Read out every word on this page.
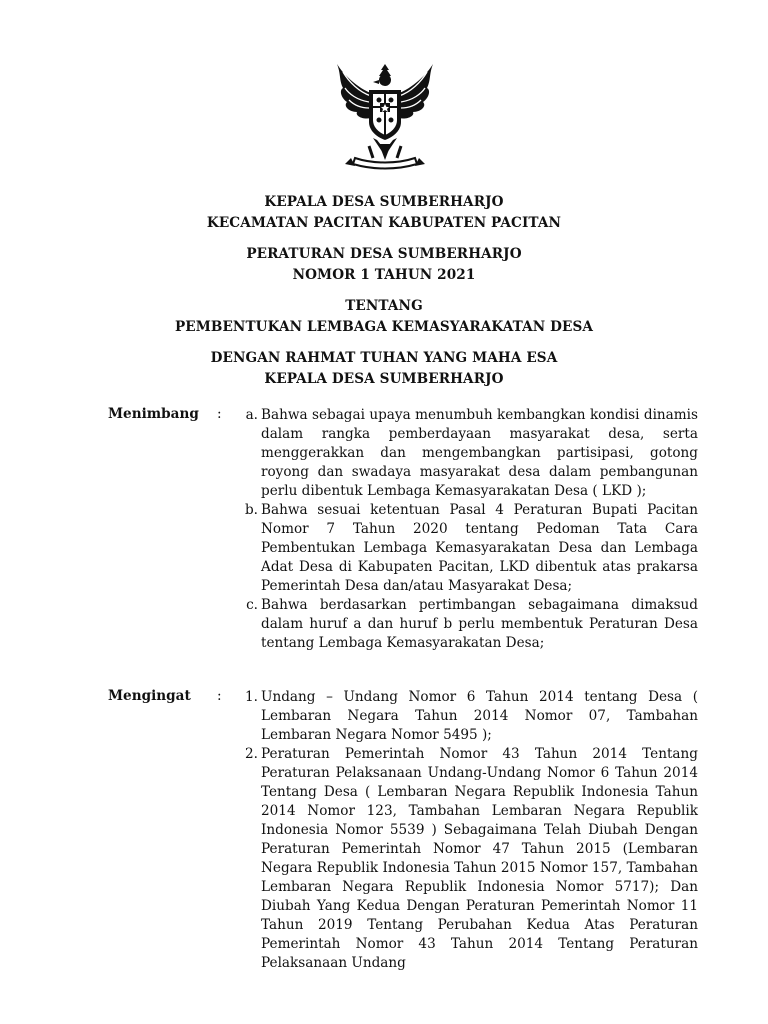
KEPALA DESA SUMBERHARJO
KECAMATAN PACITAN KABUPATEN PACITAN
PERATURAN DESA SUMBERHARJO
NOMOR 1 TAHUN 2021
TENTANG
PEMBENTUKAN LEMBAGA KEMASYARAKATAN DESA
DENGAN RAHMAT TUHAN YANG MAHA ESA
KEPALA DESA SUMBERHARJO
Menimbang :	a. Bahwa sebagai upaya menumbuh kembangkan kondisi dinamis dalam rangka pemberdayaan masyarakat desa, serta menggerakkan dan mengembangkan partisipasi, gotong royong dan swadaya masyarakat desa dalam pembangunan perlu dibentuk Lembaga Kemasyarakatan Desa ( LKD );
b. Bahwa sesuai ketentuan Pasal 4 Peraturan Bupati Pacitan Nomor 7 Tahun 2020 tentang Pedoman Tata Cara Pembentukan Lembaga Kemasyarakatan Desa dan Lembaga Adat Desa di Kabupaten Pacitan, LKD dibentuk atas prakarsa Pemerintah Desa dan/atau Masyarakat Desa;
c. Bahwa berdasarkan pertimbangan sebagaimana dimaksud dalam huruf a dan huruf b perlu membentuk Peraturan Desa tentang Lembaga Kemasyarakatan Desa;
Mengingat :	1. Undang – Undang Nomor 6 Tahun 2014 tentang Desa ( Lembaran Negara Tahun 2014 Nomor 07, Tambahan Lembaran Negara Nomor 5495 );
2. Peraturan Pemerintah Nomor 43 Tahun 2014 Tentang Peraturan Pelaksanaan Undang-Undang Nomor 6 Tahun 2014 Tentang Desa ( Lembaran Negara Republik Indonesia Tahun 2014 Nomor 123, Tambahan Lembaran Negara Republik Indonesia Nomor 5539 ) Sebagaimana Telah Diubah Dengan Peraturan Pemerintah Nomor 47 Tahun 2015 (Lembaran Negara Republik Indonesia Tahun 2015 Nomor 157, Tambahan Lembaran Negara Republik Indonesia Nomor 5717); Dan Diubah Yang Kedua Dengan Peraturan Pemerintah Nomor 11 Tahun 2019 Tentang Perubahan Kedua Atas Peraturan Pemerintah Nomor 43 Tahun 2014 Tentang Peraturan Pelaksanaan Undang
